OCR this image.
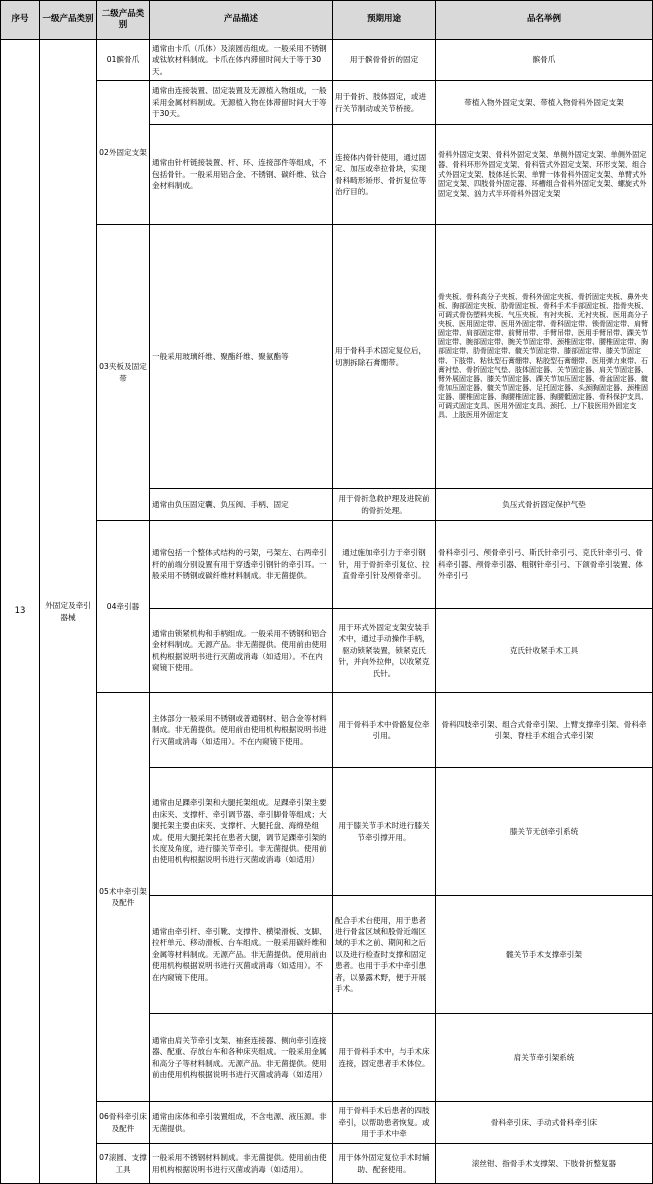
序号	一级产品类别	二级产品类别	产品描述	预期用途	品名举例
13	外固定及牵引器械	01髌骨爪	通常由卡爪（爪体）及滚圆齿组成。一般采用不锈钢或钛软材料制成。卡爪在体内滞留时间大于等于30天。	用于髌骨骨折的固定	髌骨爪
		02外固定支架	通常由连接装置、固定装置及无源植入物组成，一般采用金属材料制成。无源植入物在体滞留时间大于等于30天。	用于骨折、肢体固定，或进行关节制动或关节桥接。	带植入物外固定支架、带植入物骨科外固定支架
			通常由针杆链接装置、杆、环、连接部件等组成，不包括骨针。一般采用铝合金、不锈钢、碳纤维、钛合金材料制成。	连接体内骨针使用，通过固定、加压或牵拉骨块，实现骨科畸形矫形、骨折复位等治疗目的。	骨科外固定支架、骨科外固定支架、单侧外固定支架、单侧外固定器、骨科环形外固定支架、骨科管式外固定支架、环形支架、组合式外固定支架、肢体延长架、单臂一体骨科外固定支架、单臂式外固定支架、四肢骨外固定器、环槽组合骨科外固定支架、螺旋式外固定支架、汹力式半环骨科外固定支架
		03夹板及固定带	一般采用玻璃纤维、聚酯纤维、聚氨酯等	用于骨科手术固定复位后，切割拆除石膏绷带。	骨夹板、骨科高分子夹板、骨科外固定夹板、骨折固定夹板、鼻外夹板、胸部固定夹板、肋骨固定板、骨科手术手部固定板、指骨夹板、可调式骨伤塑料夹板、气压夹板、有衬夹板、无衬夹板、医用高分子夹板、医用固定带、医用外固定带、骨科固定带、锁骨固定带、肩臂固定带、肩部固定带、前臂吊带、手臂吊带、医用手臂吊带、踝关节固定带、腕部固定带、腕关节固定带、颈椎固定带、腰椎固定带、胸部固定带、肋骨固定带、髋关节固定带、膝部固定带、膝关节固定带、下肢带、粘钛型石膏绷带、粘胶型石膏绷带、医用弹力束带、石膏衬垫、骨折固定气垫、肢体固定器、关节固定器、肩关节固定器、臂外展固定器、膝关节固定器、踝关节加压固定器、骨盆固定器、髋骨加压固定器、髋关节固定器、足托固定器、头颈胸固定器、颈椎固定器、腰椎固定器、胸腰椎固定器、胸腰骶固定器、骨科保护支具、可调式固定支具、医用外固定支具、颈托、上/下肢医用外固定支具、上肢医用外固定支
			通常由负压固定囊、负压阀、手柄、固定	用于骨折急救护理及进院前的骨折处理。	负压式骨折固定保护气垫
		04牵引器	通常包括一个整体式结构的弓架，弓架左、右两牵引杆的前端分别设置有用于穿透牵引钢针的牵引耳。一般采用不锈钢或碳纤维材料制成。非无菌提供。	通过施加牵引力于牵引钢针，用于骨折牵引复位、拉直骨牵引针及颅骨牵引。	骨科牵引弓、颅骨牵引弓、斯氏针牵引弓、克氏针牵引弓、骨科牵引器、颅骨牵引器、粗钢针牵引弓、下颌骨牵引装置、体外牵引弓
			通常由锁紧机构和手柄组成。一般采用不锈钢和铝合金材料制成。无源产品。非无菌提供。使用前由使用机构根据说明书进行灭菌或消毒（如适用）。不在内窥镜下使用。	用于环式外固定支架安装手术中，通过手动操作手柄，驱动锁紧装置，锁紧克氏针，并向外拉伸，以收紧克氏针。	克氏针收紧手术工具
		05术中牵引架及配件	主体部分一般采用不锈钢或普通钢材、铝合金等材料制成。非无菌提供。使用前由使用机构根据说明书进行灭菌或消毒（如适用）。不在内窥镜下使用。	用于骨科手术中骨骼复位牵引用。	骨科四肢牵引架、组合式骨牵引架、上臂支撑牵引架、骨科牵引架、脊柱手术组合式牵引架
			通常由足踝牵引架和大腿托架组成。足踝牵引架主要由床夹、支撑杆、牵引调节器、牵引脚骨等组成；大腿托架主要由床夹、支撑杆、大腿托盘、海绵垫组成。使用大腿托架托在患者大腿，调节足踝牵引架的长度及角度，进行膝关节牵引。非无菌提供。使用前由使用机构根据说明书进行灭菌或消毒（如适用）	用于膝关节手术时进行膝关节牵引撑开用。	膝关节无创牵引系统
			通常由牵引杆、牵引靴、支撑件、横梁滑板、支脚、拉杆单元、移动滑板、台车组成。一般采用碳纤维和金属等材料制成。无源产品。非无菌提供。使用前由使用机构根据说明书进行灭菌或消毒（如适用）。不在内窥镜下使用。	配合手术台使用，用于患者进行骨盆区域和股骨近端区域的手术之前、期间和之后以及进行检查时支撑和固定患者。也用于手术中牵引患者，以暴露术野，便于开展手术。	髋关节手术支撑牵引架
			通常由肩关节牵引支架、袖套连接器、侧向牵引连接器、配重、存放台车和各种床夹组成。一般采用金属和高分子等材料制成。无源产品。非无菌提供。使用前由使用机构根据说明书进行灭菌或消毒（如适用）	用于骨科手术中，与手术床连接，固定患者手术体位。	肩关节牵引架系统
		06骨科牵引床及配件	通常由床体和牵引装置组成，不含电源、液压源。非无菌提供。	用于骨科手术后患者的四肢牵引，以帮助患者恢复。或用于手术中牵	骨科牵引床、手动式骨科牵引床
		07滚圆、支撑工具	一般采用不锈钢材料制成。非无菌提供。使用前由使用机构根据说明书进行灭菌或消毒（如适用）。	用于体外固定复位手术时辅助、配套使用。	滚丝钳、指骨手术支撑架、下肢骨折整复器
